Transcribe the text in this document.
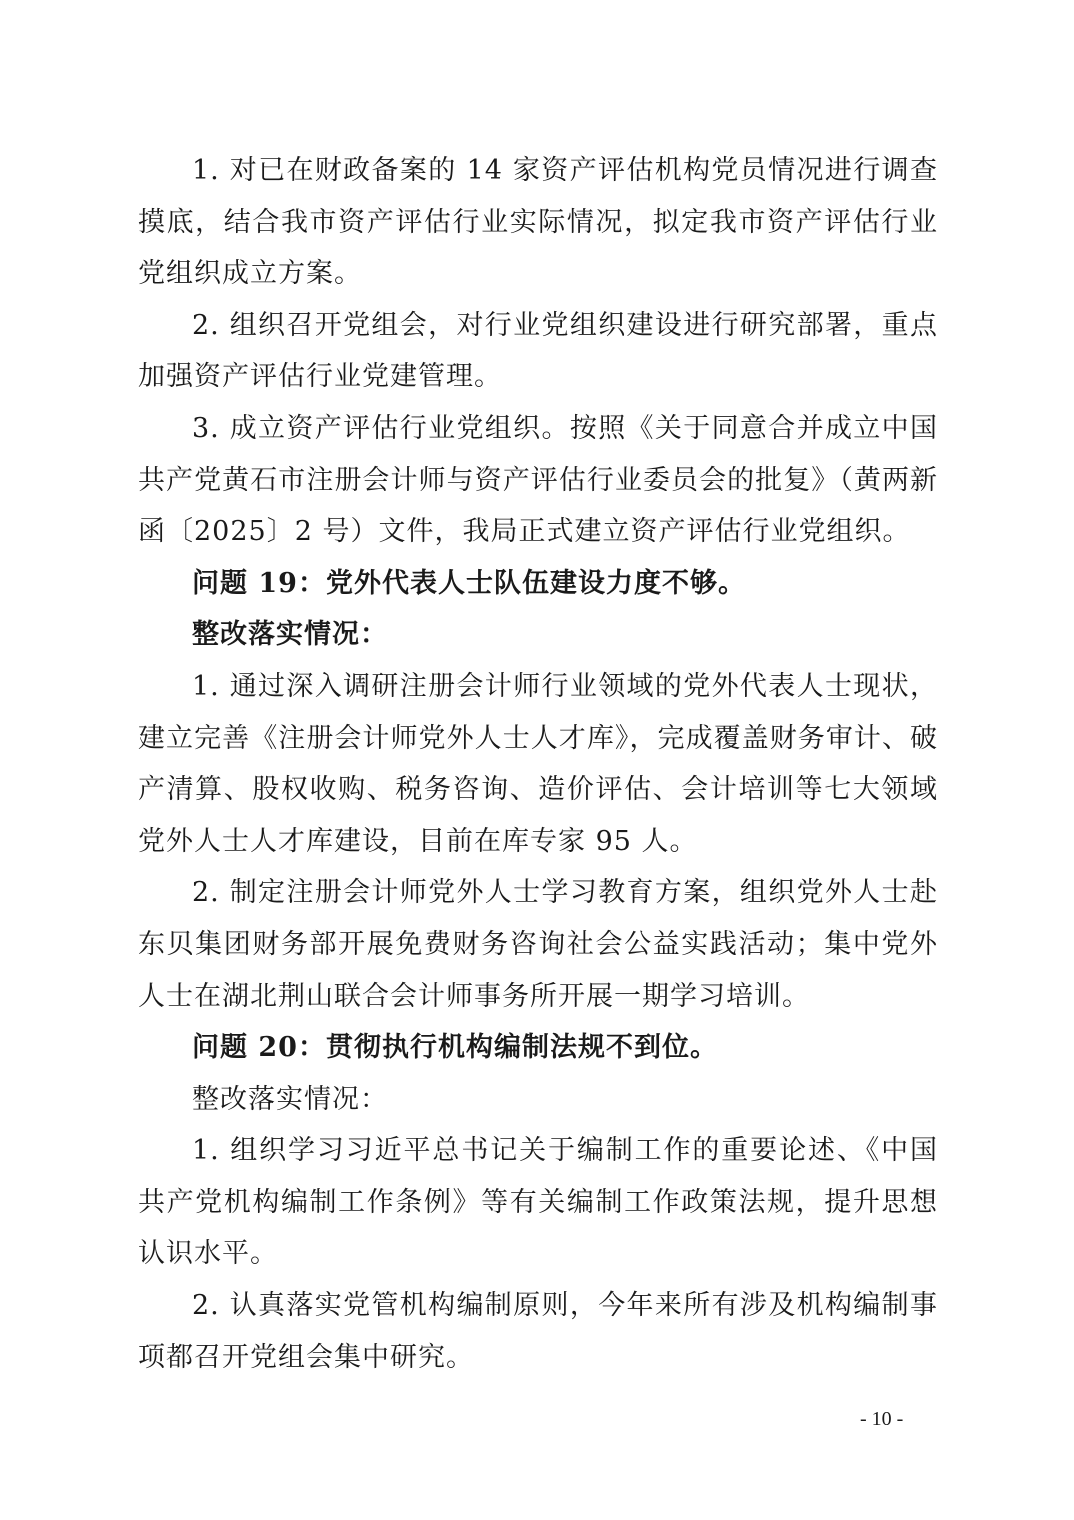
1. 对已在财政备案的 14 家资产评估机构党员情况进行调查摸底，结合我市资产评估行业实际情况，拟定我市资产评估行业党组织成立方案。

2. 组织召开党组会，对行业党组织建设进行研究部署，重点加强资产评估行业党建管理。

3. 成立资产评估行业党组织。按照《关于同意合并成立中国共产党黄石市注册会计师与资产评估行业委员会的批复》（黄两新函〔2025〕2 号）文件，我局正式建立资产评估行业党组织。

问题 19：党外代表人士队伍建设力度不够。

整改落实情况：

1. 通过深入调研注册会计师行业领域的党外代表人士现状，建立完善《注册会计师党外人士人才库》，完成覆盖财务审计、破产清算、股权收购、税务咨询、造价评估、会计培训等七大领域党外人士人才库建设，目前在库专家 95 人。

2. 制定注册会计师党外人士学习教育方案，组织党外人士赴东贝集团财务部开展免费财务咨询社会公益实践活动；集中党外人士在湖北荆山联合会计师事务所开展一期学习培训。

问题 20：贯彻执行机构编制法规不到位。

整改落实情况：

1. 组织学习习近平总书记关于编制工作的重要论述、《中国共产党机构编制工作条例》等有关编制工作政策法规，提升思想认识水平。

2. 认真落实党管机构编制原则，今年来所有涉及机构编制事项都召开党组会集中研究。

- 10 -
